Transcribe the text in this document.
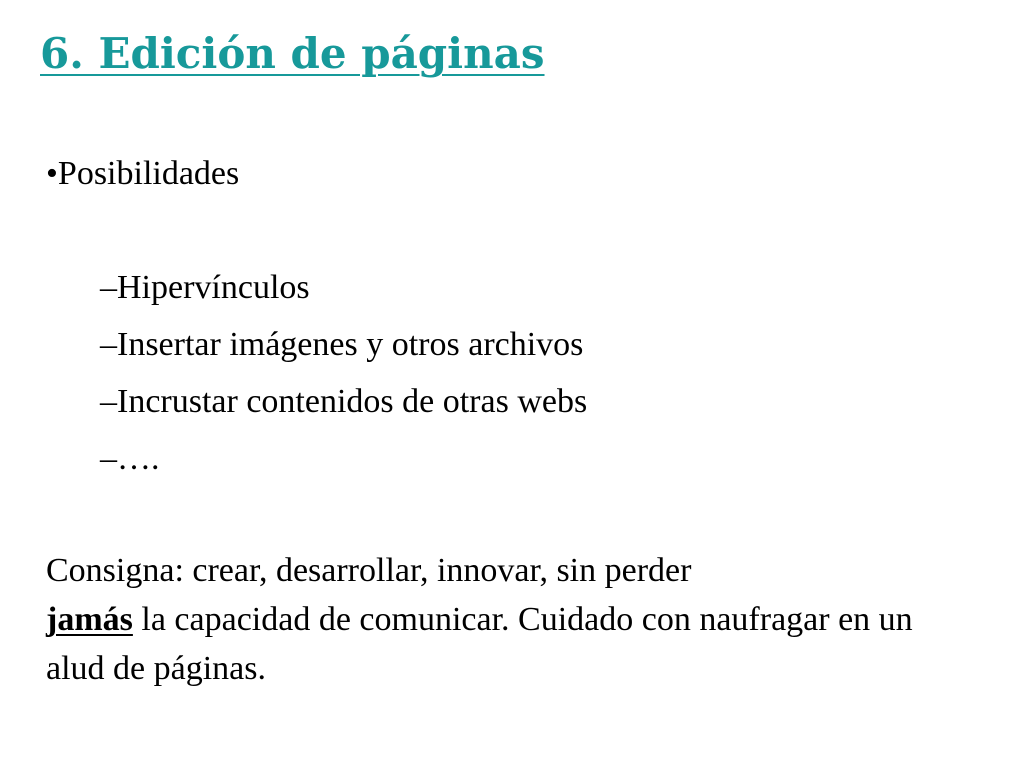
6. Edición de páginas
•Posibilidades
–Hipervínculos
–Insertar imágenes y otros archivos
–Incrustar contenidos de otras webs
–….

Consigna: crear, desarrollar, innovar, sin perder
jamás la capacidad de comunicar. Cuidado con naufragar en un alud de páginas.
